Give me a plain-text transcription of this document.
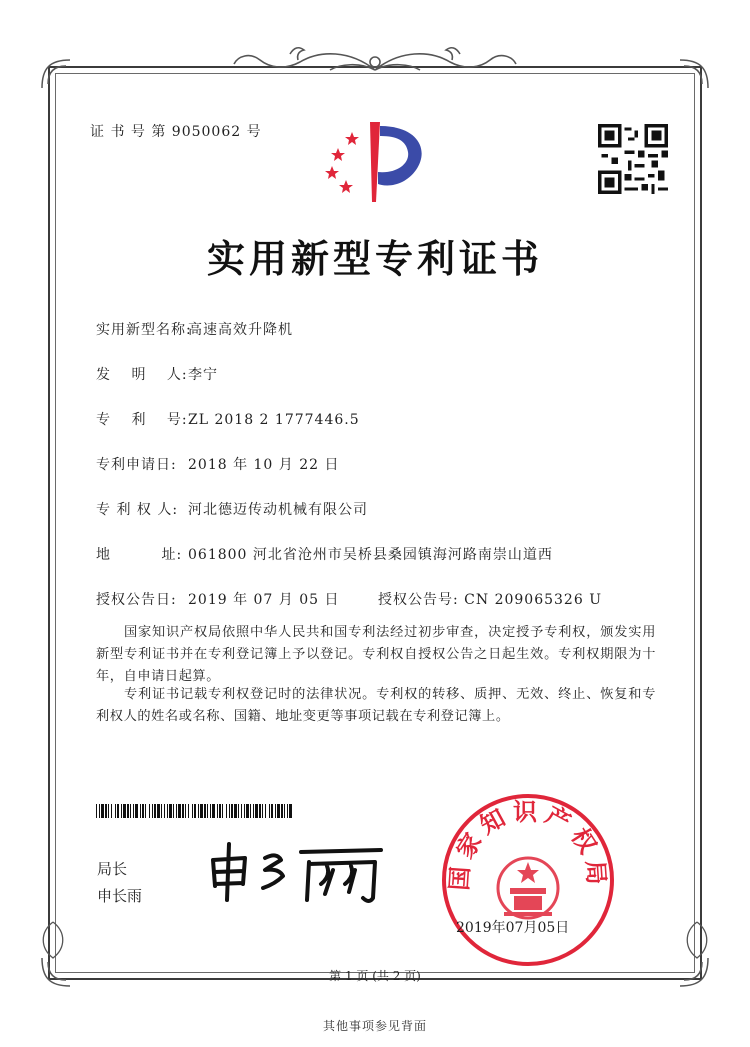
证 书 号 第 9050062 号
实用新型专利证书
实用新型名称:高速高效升降机
发　 明　 人:李宁
专　 利　 号:ZL 2018 2 1777446.5
专利申请日: 2018 年 10 月 22 日
专 利 权 人: 河北德迈传动机械有限公司
地　　　 址: 061800 河北省沧州市吴桥县桑园镇海河路南崇山道西
授权公告日: 2019 年 07 月 05 日	授权公告号: CN 209065326 U
国家知识产权局依照中华人民共和国专利法经过初步审查，决定授予专利权，颁发实用新型专利证书并在专利登记簿上予以登记。专利权自授权公告之日起生效。专利权期限为十年，自申请日起算。
专利证书记载专利权登记时的法律状况。专利权的转移、质押、无效、终止、恢复和专利权人的姓名或名称、国籍、地址变更等事项记载在专利登记簿上。
局长
申长雨
国家知识产权局
2019年07月05日
第 1 页 (共 2 页)
其他事项参见背面
